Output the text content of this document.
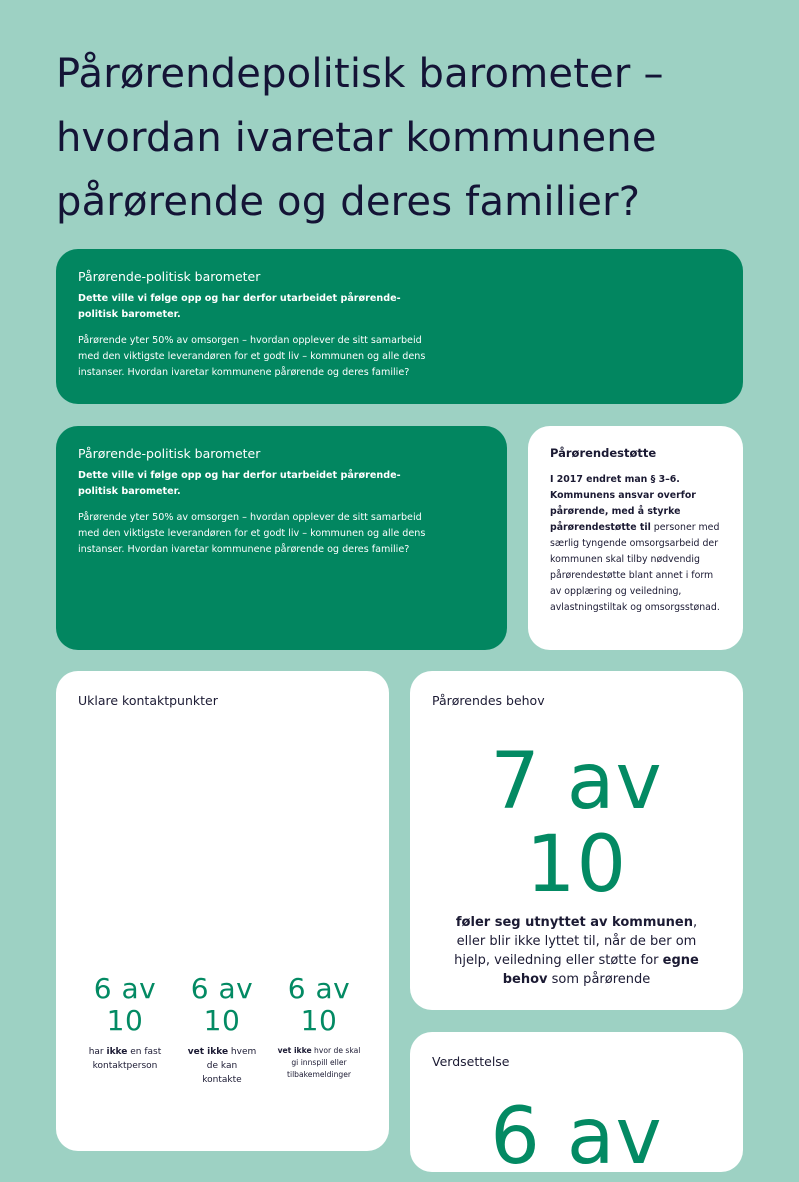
Pårørendepolitisk barometer – hvordan ivaretar kommunene pårørende og deres familier?
Pårørende-politisk barometer
Dette ville vi følge opp og har derfor utarbeidet pårørende-politisk barometer.
Pårørende yter 50% av omsorgen – hvordan opplever de sitt samarbeid med den viktigste leverandøren for et godt liv – kommunen og alle dens instanser. Hvordan ivaretar kommunene pårørende og deres familie?
Pårørende-politisk barometer
Dette ville vi følge opp og har derfor utarbeidet pårørende-politisk barometer.
Pårørende yter 50% av omsorgen – hvordan opplever de sitt samarbeid med den viktigste leverandøren for et godt liv – kommunen og alle dens instanser. Hvordan ivaretar kommunene pårørende og deres familie?
Pårørendestøtte
I 2017 endret man § 3–6. Kommunens ansvar overfor pårørende, med å styrke pårørendestøtte til personer med særlig tyngende omsorgsarbeid der kommunen skal tilby nødvendig pårørendestøtte blant annet i form av opplæring og veiledning, avlastningstiltak og omsorgsstønad.
Uklare kontaktpunkter
6 av
10
har ikke en fast kontaktperson
6 av
10
vet ikke hvem de kan kontakte
6 av
10
vet ikke hvor de skal gi innspill eller tilbakemeldinger
Pårørendes behov
7 av
10
føler seg utnyttet av kommunen, eller blir ikke lyttet til, når de ber om hjelp, veiledning eller støtte for egne behov som pårørende
Verdsettelse
6 av
